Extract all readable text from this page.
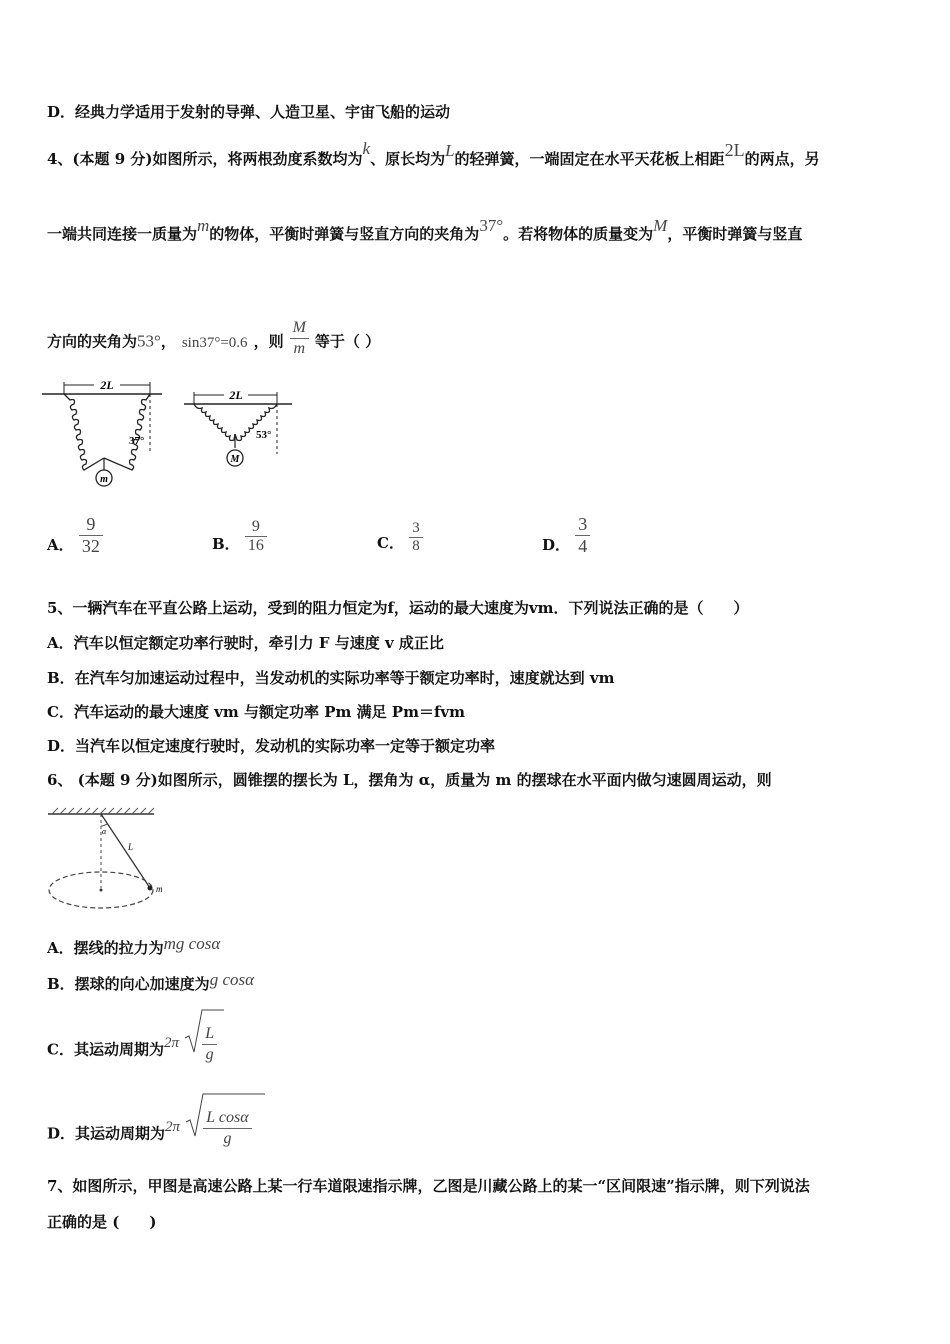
D．经典力学适用于发射的导弹、人造卫星、宇宙飞船的运动
4、(本题 9 分)如图所示，将两根劲度系数均为k、原长均为L的轻弹簧，一端固定在水平天花板上相距2L的两点，另
一端共同连接一质量为m的物体，平衡时弹簧与竖直方向的夹角为37°。若将物体的质量变为M，平衡时弹簧与竖直
方向的夹角为53°， sin37°=0.6 ，则 $\frac{M}{m}$ 等于（ ）
2L
37°
m
2L
53°
M
A． $\frac{9}{32}$	B． $\frac{9}{16}$	C． $\frac{3}{8}$	D． $\frac{3}{4}$
5、一辆汽车在平直公路上运动，受到的阻力恒定为f，运动的最大速度为vm．下列说法正确的是（　　）
A．汽车以恒定额定功率行驶时，牵引力 F 与速度 v 成正比
B．在汽车匀加速运动过程中，当发动机的实际功率等于额定功率时，速度就达到 vm
C．汽车运动的最大速度 vm 与额定功率 Pm 满足 Pm＝fvm
D．当汽车以恒定速度行驶时，发动机的实际功率一定等于额定功率
6、 (本题 9 分)如图所示，圆锥摆的摆长为 L，摆角为 α，质量为 m 的摆球在水平面内做匀速圆周运动，则
α
L
m
A．摆线的拉力为mg cosα
B．摆球的向心加速度为g cosα
C．其运动周期为$2\pi \frac{L}{g}$
D．其运动周期为$2\pi \frac{\text{L cosα}}{g}$
7、如图所示，甲图是高速公路上某一行车道限速指示牌，乙图是川藏公路上的某一“区间限速”指示牌，则下列说法
正确的是 (　　)
